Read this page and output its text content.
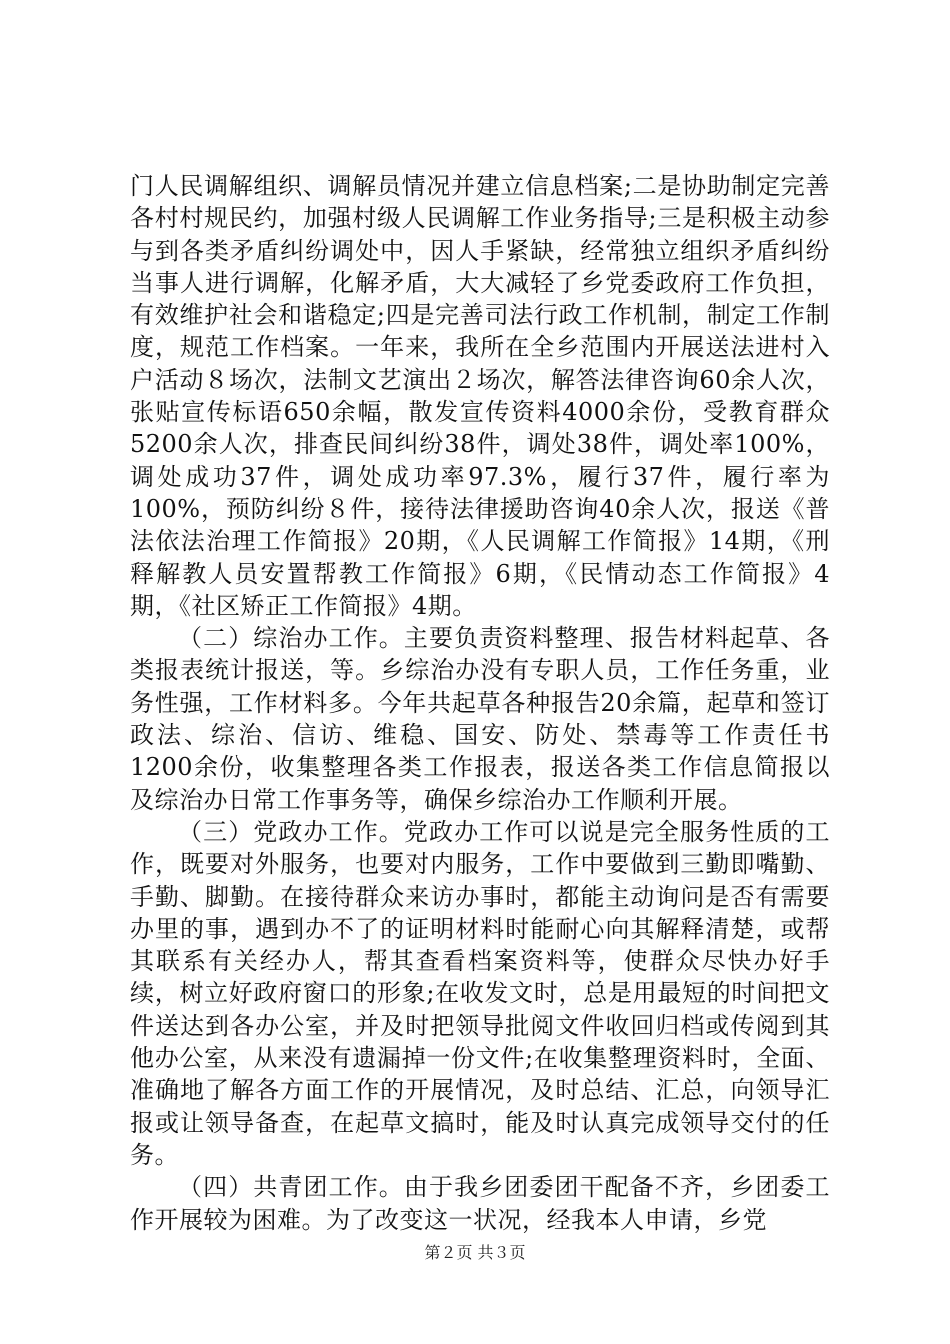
门人民调解组织、调解员情况并建立信息档案;二是协助制定完善各村村规民约，加强村级人民调解工作业务指导;三是积极主动参与到各类矛盾纠纷调处中，因人手紧缺，经常独立组织矛盾纠纷当事人进行调解，化解矛盾，大大减轻了乡党委政府工作负担，有效维护社会和谐稳定;四是完善司法行政工作机制，制定工作制度，规范工作档案。一年来，我所在全乡范围内开展送法进村入户活动８场次，法制文艺演出２场次，解答法律咨询60余人次，张贴宣传标语650余幅，散发宣传资料4000余份，受教育群众5200余人次，排查民间纠纷38件，调处38件，调处率100%，调处成功37件，调处成功率97.3%，履行37件，履行率为100%，预防纠纷８件，接待法律援助咨询40余人次，报送《普法依法治理工作简报》20期，《人民调解工作简报》14期，《刑释解教人员安置帮教工作简报》6期，《民情动态工作简报》4期，《社区矫正工作简报》4期。

（二）综治办工作。主要负责资料整理、报告材料起草、各类报表统计报送，等。乡综治办没有专职人员，工作任务重，业务性强，工作材料多。今年共起草各种报告20余篇，起草和签订政法、综治、信访、维稳、国安、防处、禁毒等工作责任书1200余份，收集整理各类工作报表，报送各类工作信息简报以及综治办日常工作事务等，确保乡综治办工作顺利开展。

（三）党政办工作。党政办工作可以说是完全服务性质的工作，既要对外服务，也要对内服务，工作中要做到三勤即嘴勤、手勤、脚勤。在接待群众来访办事时，都能主动询问是否有需要办里的事，遇到办不了的证明材料时能耐心向其解释清楚，或帮其联系有关经办人，帮其查看档案资料等，使群众尽快办好手续，树立好政府窗口的形象;在收发文时，总是用最短的时间把文件送达到各办公室，并及时把领导批阅文件收回归档或传阅到其他办公室，从来没有遗漏掉一份文件;在收集整理资料时，全面、准确地了解各方面工作的开展情况，及时总结、汇总，向领导汇报或让领导备查，在起草文搞时，能及时认真完成领导交付的任务。

（四）共青团工作。由于我乡团委团干配备不齐，乡团委工作开展较为困难。为了改变这一状况，经我本人申请，乡党

第２页 共３页
